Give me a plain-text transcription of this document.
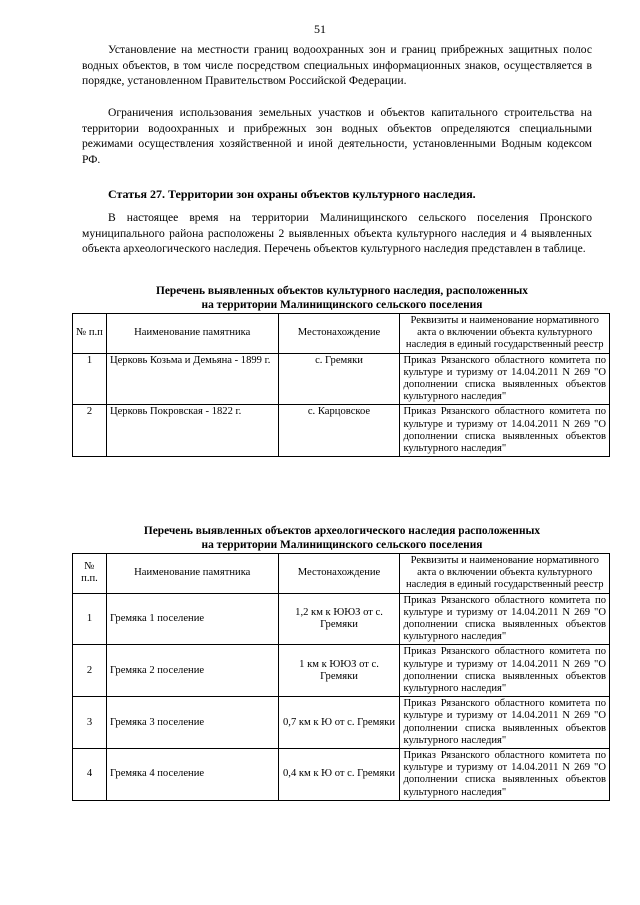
51

Установление на местности границ водоохранных зон и границ прибрежных защитных полос водных объектов, в том числе посредством специальных информационных знаков, осуществляется в порядке, установленном Правительством Российской Федерации.

Ограничения использования земельных участков и объектов капитального строительства на территории водоохранных и прибрежных зон водных объектов определяются специальными режимами осуществления хозяйственной и иной деятельности, установленными Водным кодексом РФ.

Статья 27. Территории зон охраны объектов культурного наследия.

В настоящее время на территории Малинищинского сельского поселения Пронского муниципального района расположены 2 выявленных объекта культурного наследия и 4 выявленных объекта археологического наследия. Перечень объектов культурного наследия представлен в таблице.

Перечень выявленных объектов культурного наследия, расположенных
на территории Малинищинского сельского поселения
№ п.п	Наименование памятника	Местонахождение	Реквизиты и наименование нормативного акта о включении объекта культурного наследия в единый государственный реестр
1	Церковь Козьма и Демьяна - 1899 г.	с. Гремяки	Приказ Рязанского областного комитета по культуре и туризму от 14.04.2011 N 269 "О дополнении списка выявленных объектов культурного наследия"
2	Церковь Покровская - 1822 г.	с. Карцовское	Приказ Рязанского областного комитета по культуре и туризму от 14.04.2011 N 269 "О дополнении списка выявленных объектов культурного наследия"
Перечень выявленных объектов археологического наследия расположенных
на территории Малинищинского сельского поселения
№ п.п.	Наименование памятника	Местонахождение	Реквизиты и наименование нормативного акта о включении объекта культурного наследия в единый государственный реестр
1	Гремяка 1 поселение	1,2 км к ЮЮЗ от с. Гремяки	Приказ Рязанского областного комитета по культуре и туризму от 14.04.2011 N 269 "О дополнении списка выявленных объектов культурного наследия"
2	Гремяка 2 поселение	1 км к ЮЮЗ от с. Гремяки	Приказ Рязанского областного комитета по культуре и туризму от 14.04.2011 N 269 "О дополнении списка выявленных объектов культурного наследия"
3	Гремяка 3 поселение	0,7 км к Ю от с. Гремяки	Приказ Рязанского областного комитета по культуре и туризму от 14.04.2011 N 269 "О дополнении списка выявленных объектов культурного наследия"
4	Гремяка 4 поселение	0,4 км к Ю от с. Гремяки	Приказ Рязанского областного комитета по культуре и туризму от 14.04.2011 N 269 "О дополнении списка выявленных объектов культурного наследия"
